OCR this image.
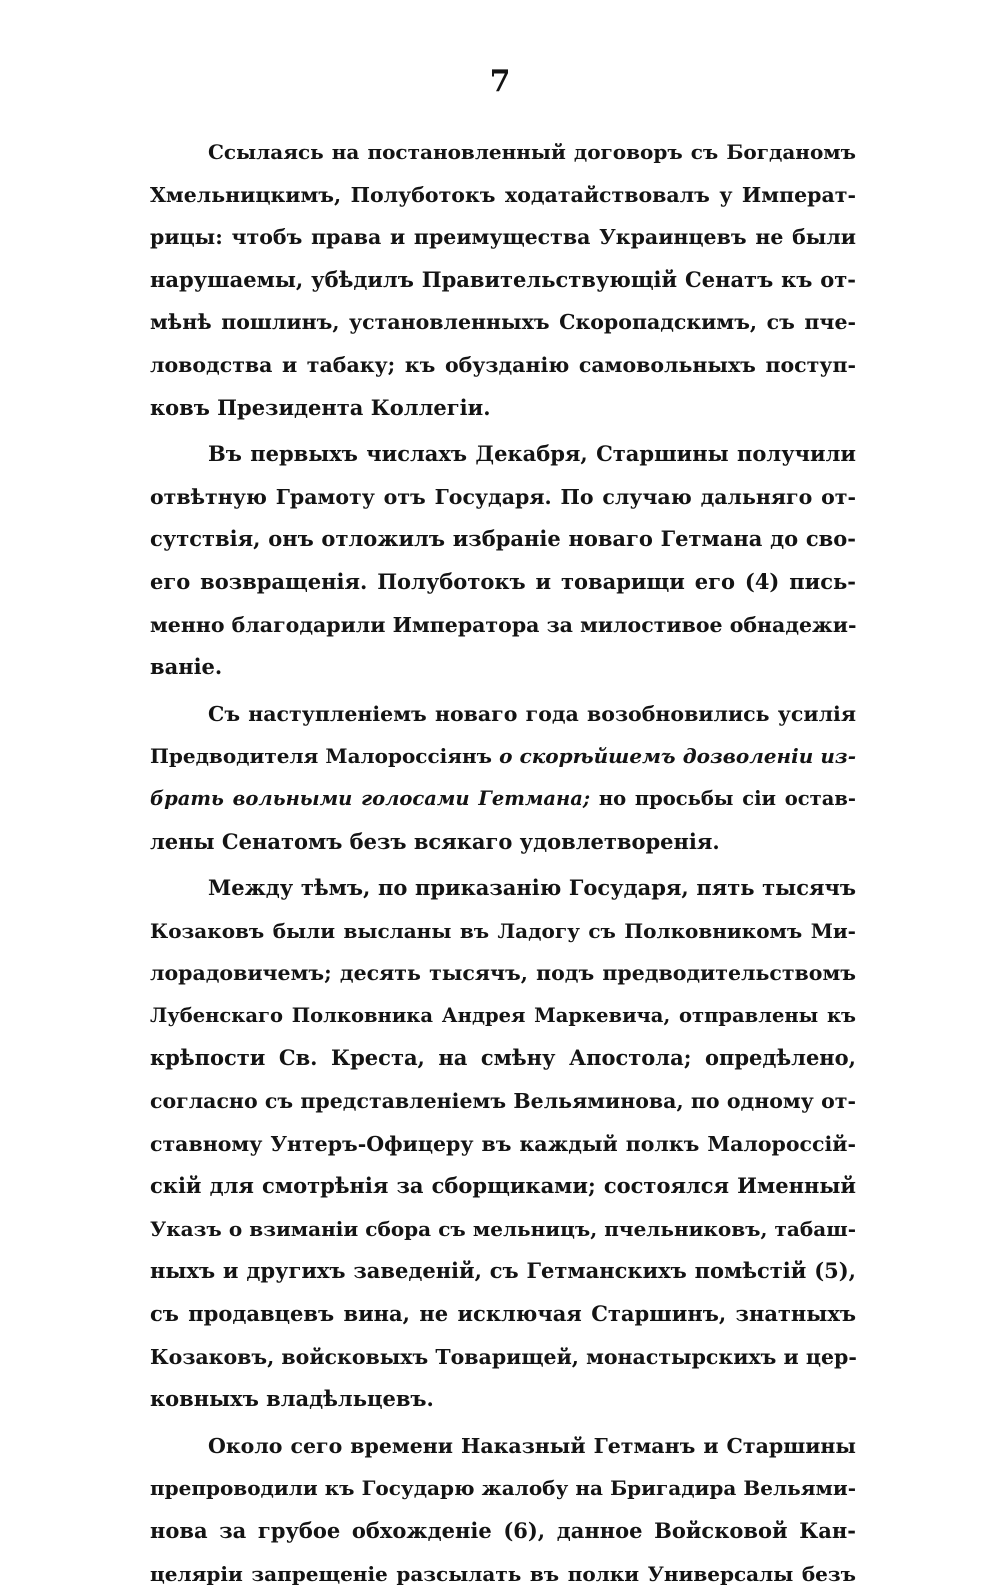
7
Ссылаясь на постановленный договоръ съ Богданомъ
Хмельницкимъ, Полуботокъ ходатайствовалъ у Императ-
рицы: чтобъ права и преимущества Украинцевъ не были
нарушаемы, убѣдилъ Правительствующій Сенатъ къ от-
мѣнѣ пошлинъ, установленныхъ Скоропадскимъ, съ пче-
ловодства и табаку; къ обузданію самовольныхъ поступ-
ковъ Президента Коллегіи.
Въ первыхъ числахъ Декабря, Старшины получили
отвѣтную Грамоту отъ Государя. По случаю дальняго от-
сутствія, онъ отложилъ избраніе новаго Гетмана до сво-
его возвращенія. Полуботокъ и товарищи его (4) пись-
менно благодарили Императора за милостивое обнадежи-
ваніе.
Съ наступленіемъ новаго года возобновились усилія
Предводителя Малороссіянъ о скорѣйшемъ дозволеніи из-
брать вольными голосами Гетмана; но просьбы сіи остав-
лены Сенатомъ безъ всякаго удовлетворенія.
Между тѣмъ, по приказанію Государя, пять тысячъ
Козаковъ были высланы въ Ладогу съ Полковникомъ Ми-
лорадовичемъ; десять тысячъ, подъ предводительствомъ
Лубенскаго Полковника Андрея Маркевича, отправлены къ
крѣпости Св. Креста, на смѣну Апостола; опредѣлено,
согласно съ представленіемъ Вельяминова, по одному от-
ставному Унтеръ-Офицеру въ каждый полкъ Малороссій-
скій для смотрѣнія за сборщиками; состоялся Именный
Указъ о взиманіи сбора съ мельницъ, пчельниковъ, табаш-
ныхъ и другихъ заведеній, съ Гетманскихъ помѣстій (5),
съ продавцевъ вина, не исключая Старшинъ, знатныхъ
Козаковъ, войсковыхъ Товарищей, монастырскихъ и цер-
ковныхъ владѣльцевъ.
Около сего времени Наказный Гетманъ и Старшины
препроводили къ Государю жалобу на Бригадира Вельями-
нова за грубое обхожденіе (6), данное Войсковой Кан-
целяріи запрещеніе разсылать въ полки Универсалы безъ
